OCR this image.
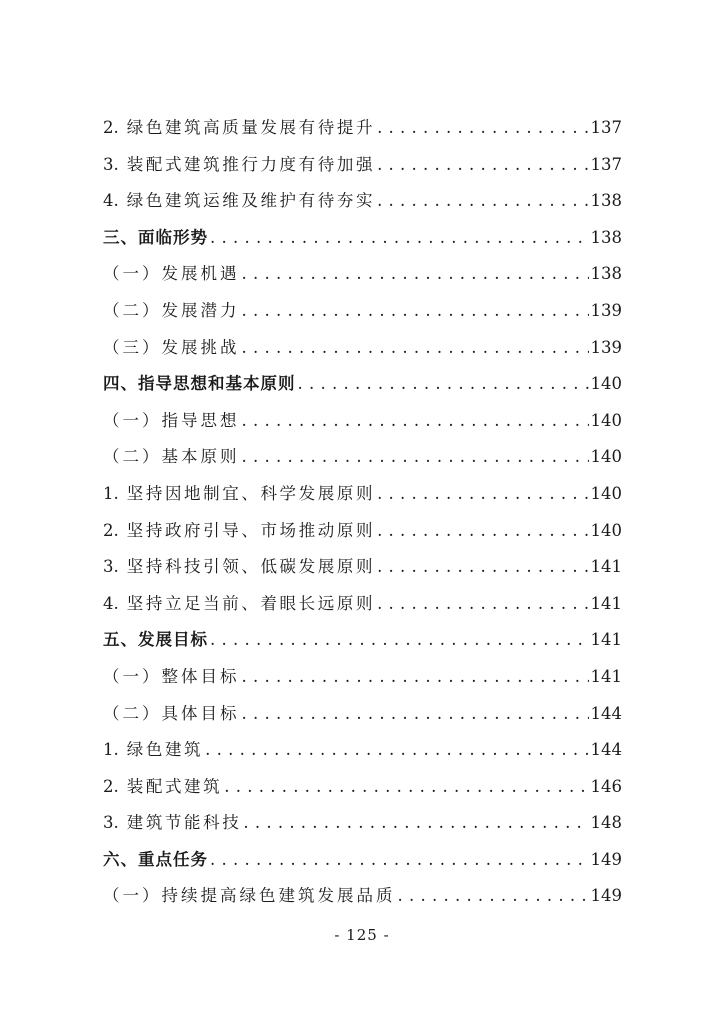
2. 绿色建筑高质量发展有待提升 . . .	137
3. 装配式建筑推行力度有待加强 . . .	137
4. 绿色建筑运维及维护有待夯实 . . .	138
三、面临形势 . . .	138
（一）发展机遇 . . .	138
（二）发展潜力 . . .	139
（三）发展挑战 . . .	139
四、指导思想和基本原则 . . .	140
（一）指导思想 . . .	140
（二）基本原则 . . .	140
1. 坚持因地制宜、科学发展原则 . . .	140
2. 坚持政府引导、市场推动原则 . . .	140
3. 坚持科技引领、低碳发展原则 . . .	141
4. 坚持立足当前、着眼长远原则 . . .	141
五、发展目标 . . .	141
（一）整体目标 . . .	141
（二）具体目标 . . .	144
1. 绿色建筑 . . .	144
2. 装配式建筑 . . .	146
3. 建筑节能科技 . . .	148
六、重点任务 . . .	149
（一）持续提高绿色建筑发展品质 . . .	149
- 125 -
